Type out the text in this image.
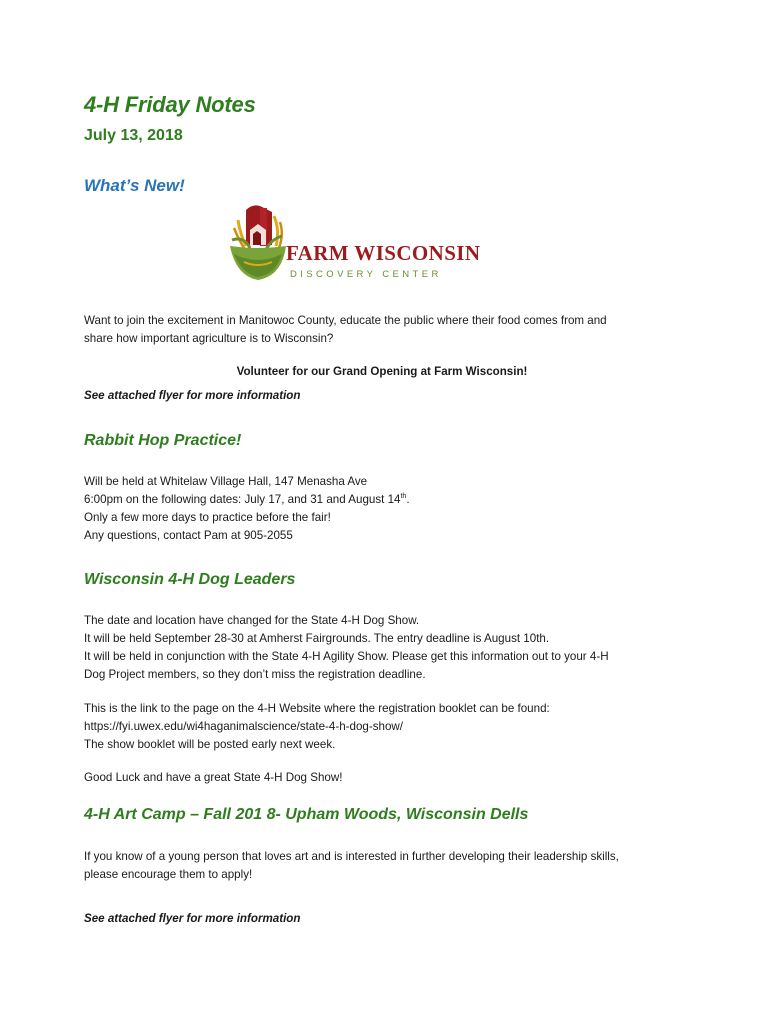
4-H Friday Notes
July 13, 2018
What’s New!
FARM WISCONSIN
DISCOVERY CENTER
Want to join the excitement in Manitowoc County, educate the public where their food comes from and
share how important agriculture is to Wisconsin?
Volunteer for our Grand Opening at Farm Wisconsin!
See attached flyer for more information
Rabbit Hop Practice!
Will be held at Whitelaw Village Hall, 147 Menasha Ave
6:00pm on the following dates: July 17, and 31 and August 14th.
Only a few more days to practice before the fair!
Any questions, contact Pam at 905-2055
Wisconsin 4-H Dog Leaders
The date and location have changed for the State 4-H Dog Show.
It will be held September 28-30 at Amherst Fairgrounds. The entry deadline is August 10th.
It will be held in conjunction with the State 4-H Agility Show. Please get this information out to your 4-H
Dog Project members, so they don’t miss the registration deadline.
This is the link to the page on the 4-H Website where the registration booklet can be found:
https://fyi.uwex.edu/wi4haganimalscience/state-4-h-dog-show/
The show booklet will be posted early next week.
Good Luck and have a great State 4-H Dog Show!
4-H Art Camp – Fall 201 8- Upham Woods, Wisconsin Dells
If you know of a young person that loves art and is interested in further developing their leadership skills,
please encourage them to apply!
See attached flyer for more information
